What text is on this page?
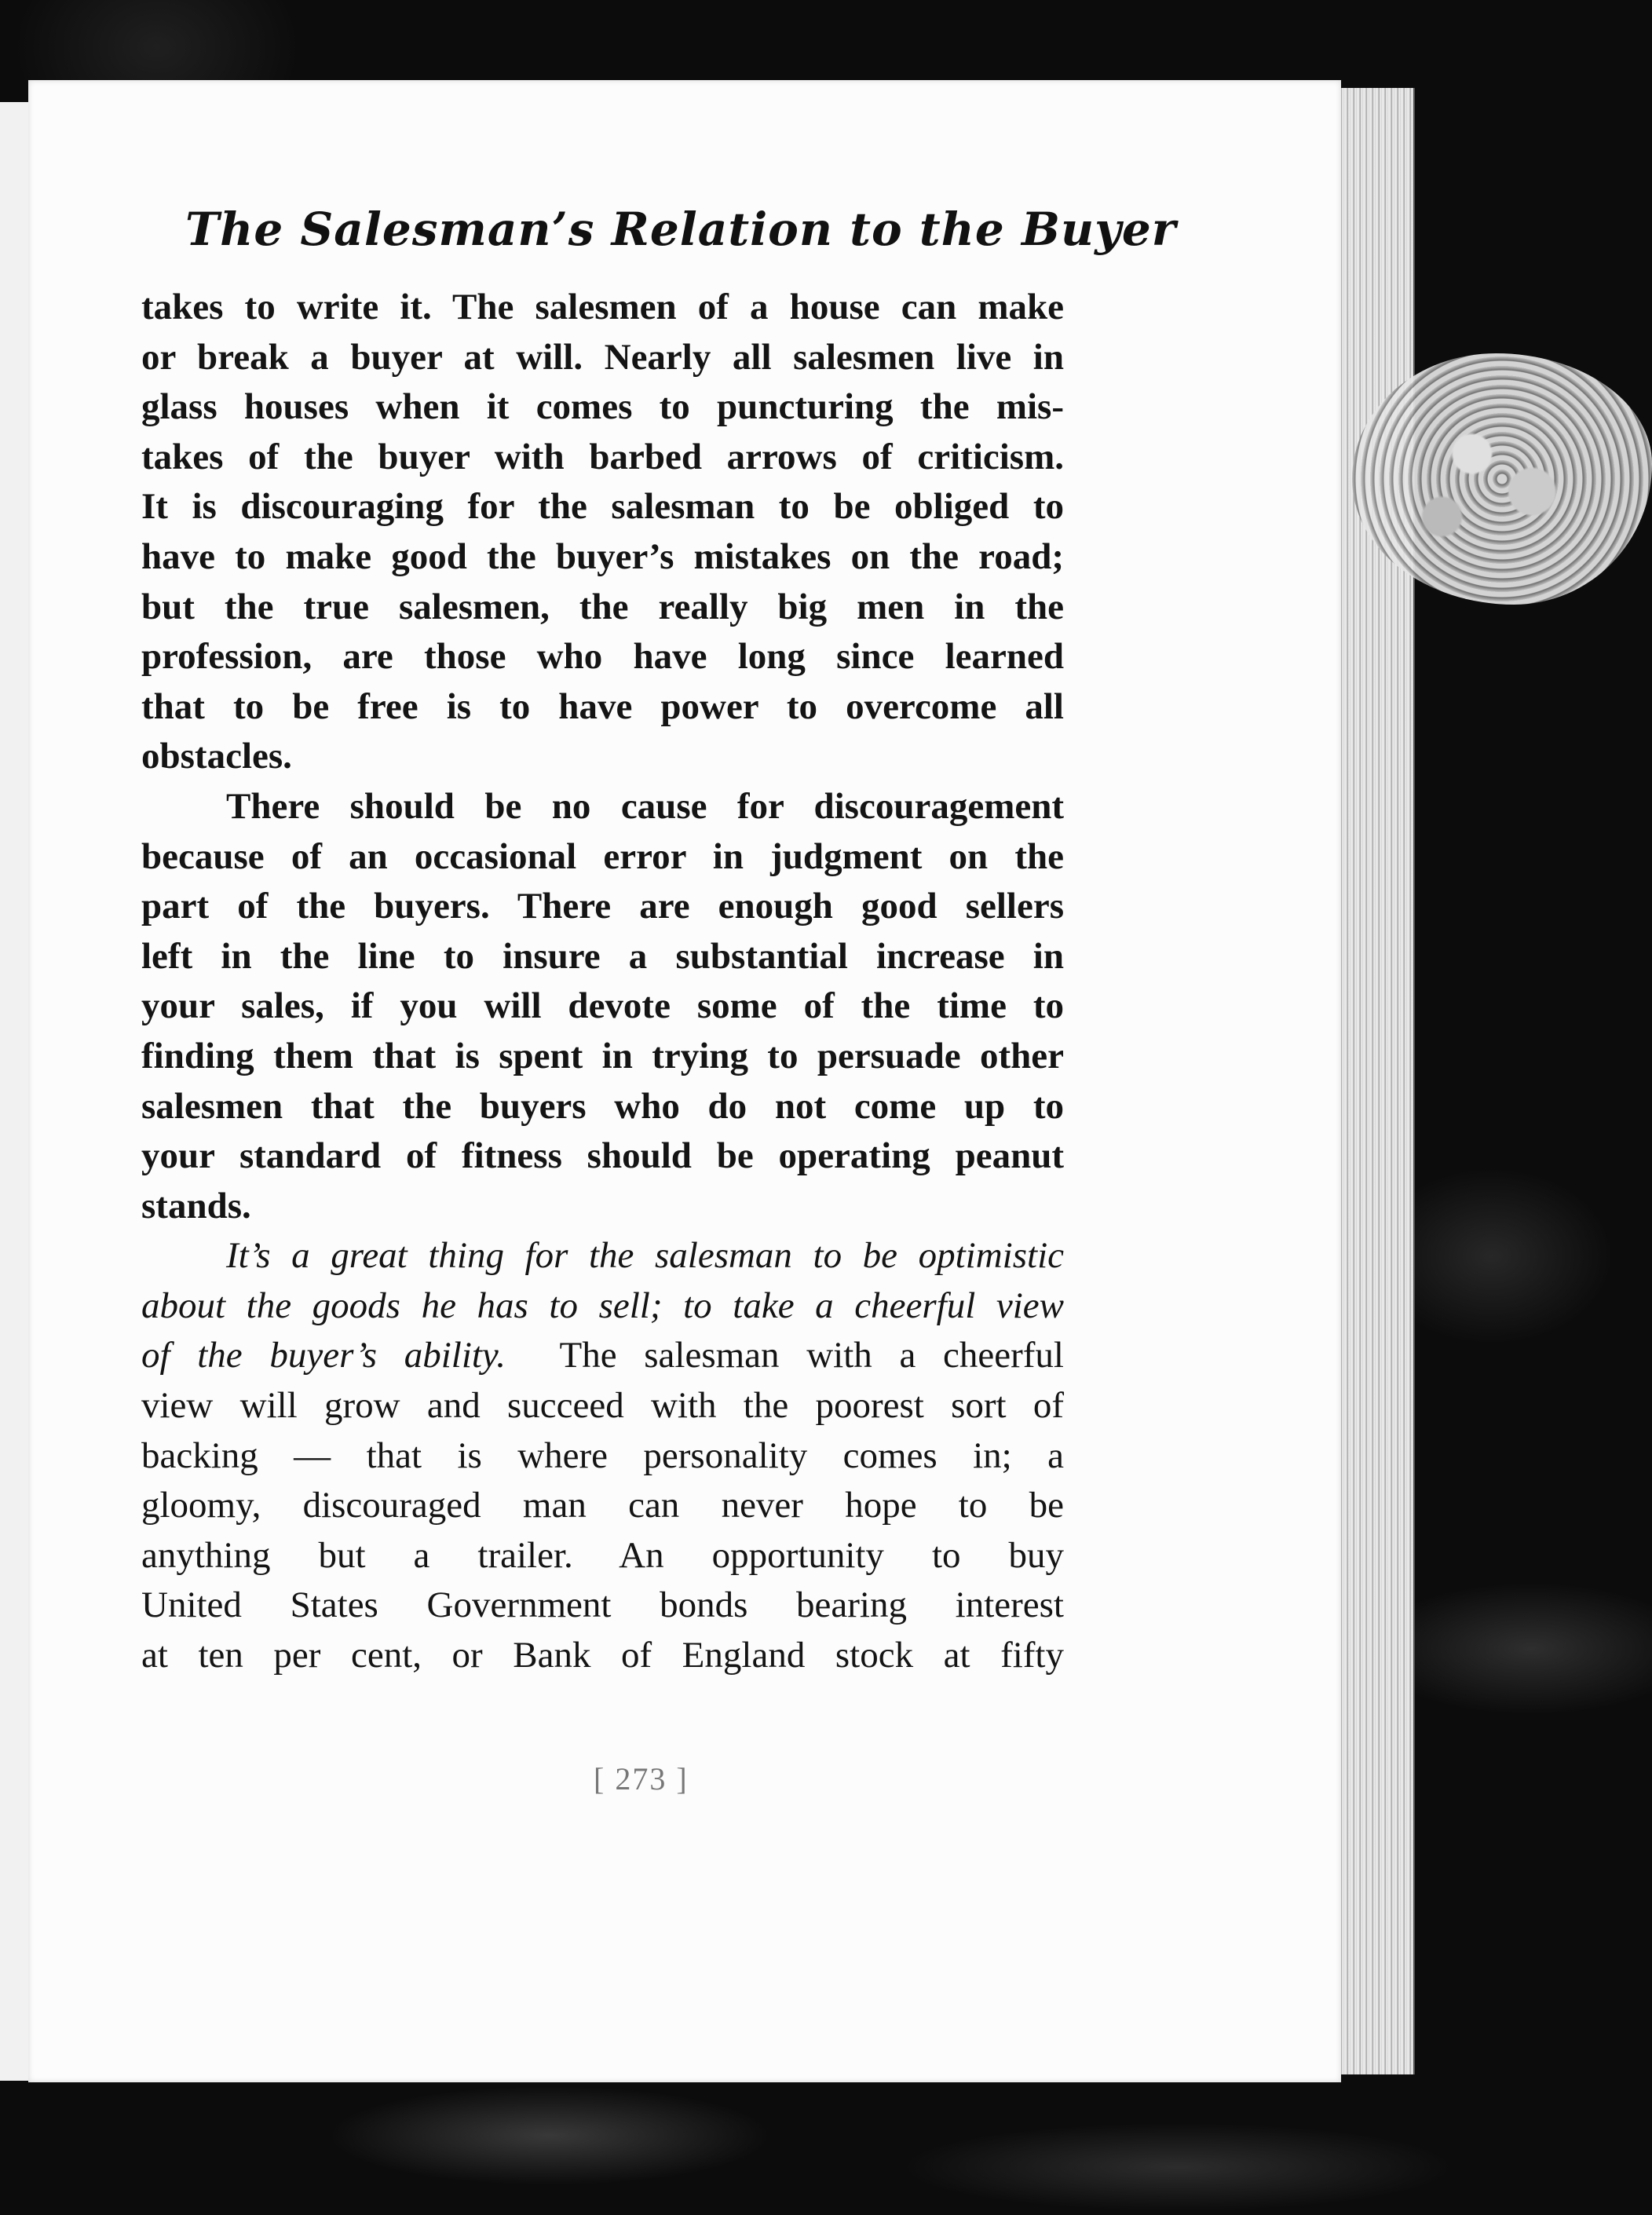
The Salesman’s Relation to the Buyer
takes to write it. The salesmen of a house can make
or break a buyer at will. Nearly all salesmen live in
glass houses when it comes to puncturing the mis-
takes of the buyer with barbed arrows of criticism.
It is discouraging for the salesman to be obliged to
have to make good the buyer’s mistakes on the road;
but the true salesmen, the really big men in the
profession, are those who have long since learned
that to be free is to have power to overcome all
obstacles.
There should be no cause for discouragement
because of an occasional error in judgment on the
part of the buyers. There are enough good sellers
left in the line to insure a substantial increase in
your sales, if you will devote some of the time to
finding them that is spent in trying to persuade other
salesmen that the buyers who do not come up to
your standard of fitness should be operating peanut
stands.
It’s a great thing for the salesman to be optimistic
about the goods he has to sell; to take a cheerful view
of the buyer’s ability.  The salesman with a cheerful
view will grow and succeed with the poorest sort of
backing — that is where personality comes in; a
gloomy, discouraged man can never hope to be
anything but a trailer. An opportunity to buy
United States Government bonds bearing interest
at ten per cent, or Bank of England stock at fifty

[ 273 ]
